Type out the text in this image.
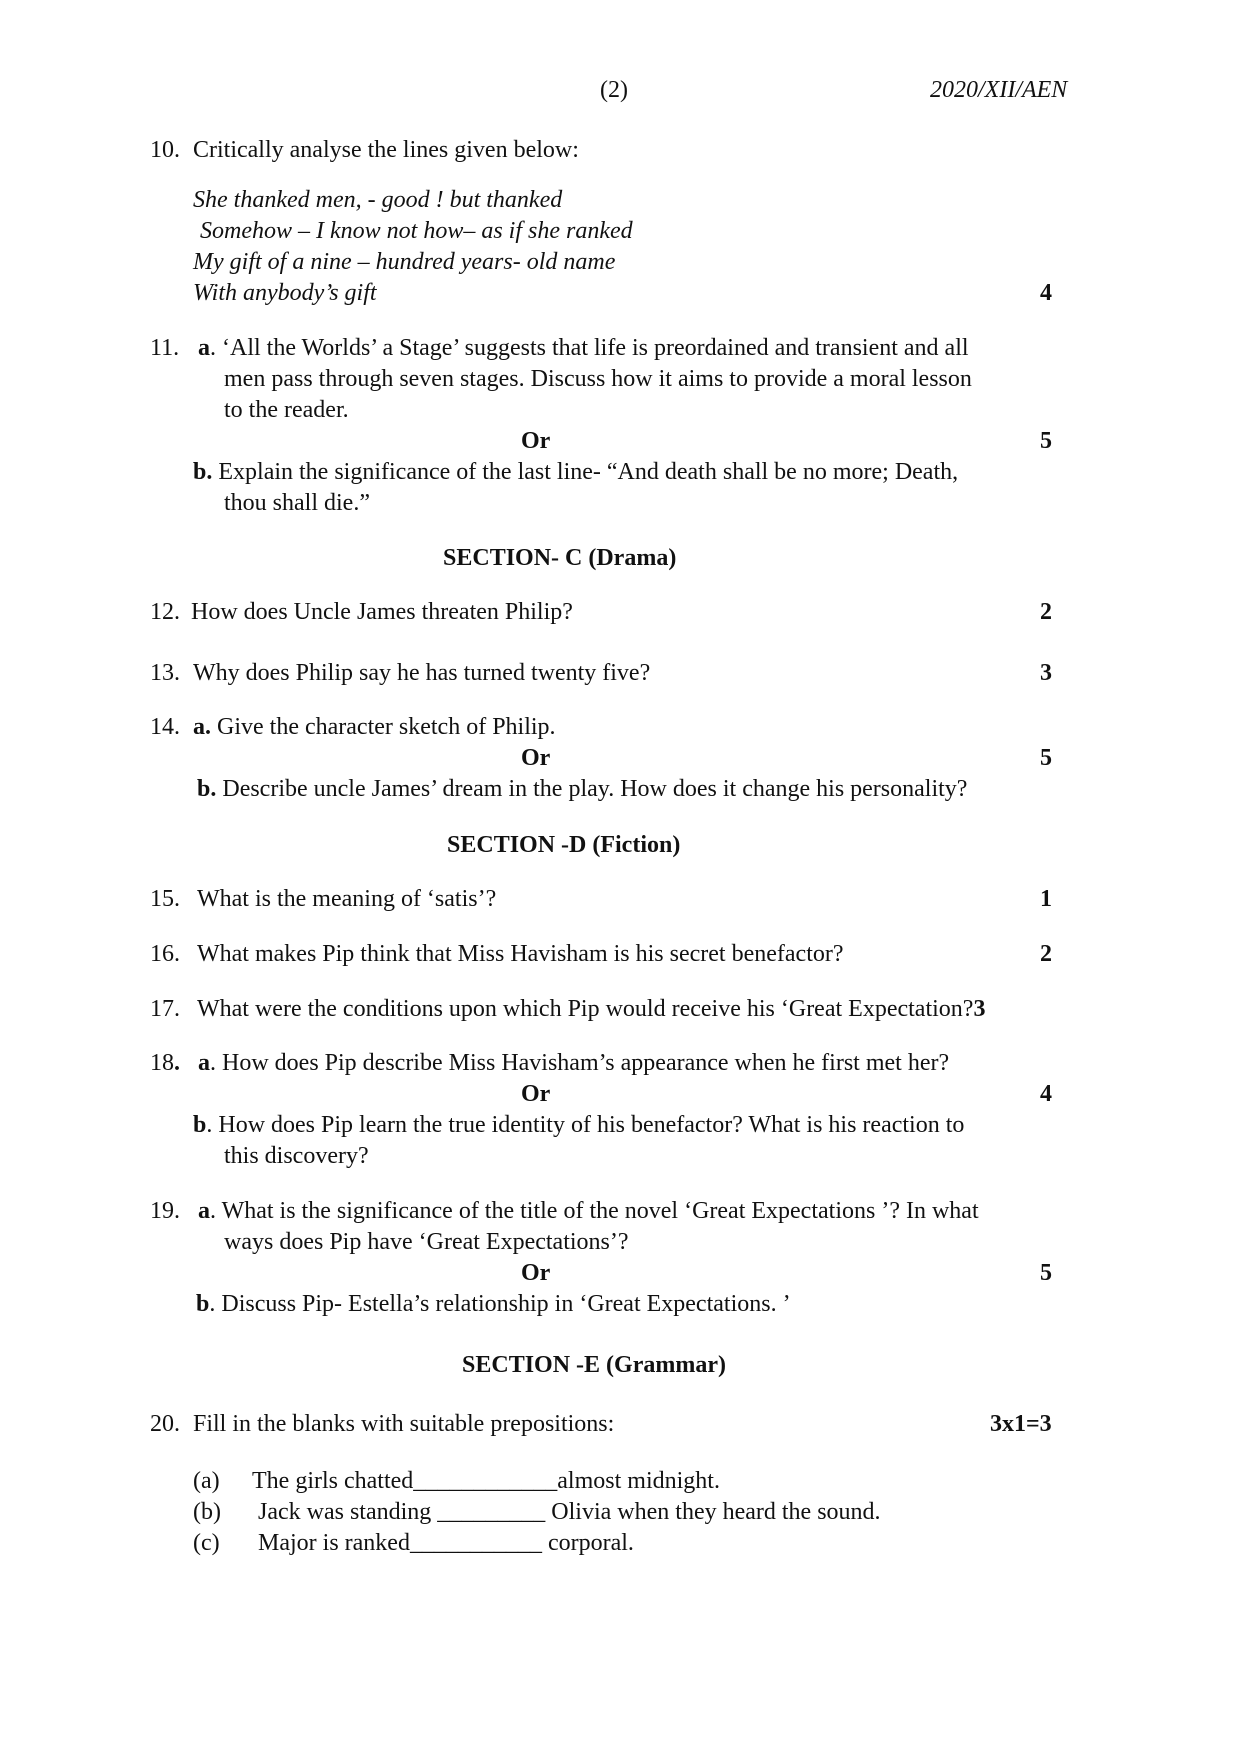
(2)	2020/XII/AEN
10. Critically analyse the lines given below:
She thanked men, - good ! but thanked
Somehow – I know not how– as if she ranked
My gift of a nine – hundred years- old name
With anybody’s gift	4
11. a. ‘All the Worlds’ a Stage’ suggests that life is preordained and transient and all
men pass through seven stages. Discuss how it aims to provide a moral lesson
to the reader.
Or	5
b. Explain the significance of the last line- “And death shall be no more; Death,
thou shall die.”
SECTION- C (Drama)
12. How does Uncle James threaten Philip?	2
13. Why does Philip say he has turned twenty five?	3
14. a. Give the character sketch of Philip.
Or	5
b. Describe uncle James’ dream in the play. How does it change his personality?
SECTION -D (Fiction)
15. What is the meaning of ‘satis’?	1
16. What makes Pip think that Miss Havisham is his secret benefactor?	2
17. What were the conditions upon which Pip would receive his ‘Great Expectation?3
18. a. How does Pip describe Miss Havisham’s appearance when he first met her?
Or	4
b. How does Pip learn the true identity of his benefactor? What is his reaction to
this discovery?
19. a. What is the significance of the title of the novel ‘Great Expectations ’? In what
ways does Pip have ‘Great Expectations’?
Or	5
b. Discuss Pip- Estella’s relationship in ‘Great Expectations. ’
SECTION -E (Grammar)
20. Fill in the blanks with suitable prepositions:	3x1=3
(a) The girls chatted____________almost midnight.
(b) Jack was standing _________ Olivia when they heard the sound.
(c) Major is ranked___________ corporal.
